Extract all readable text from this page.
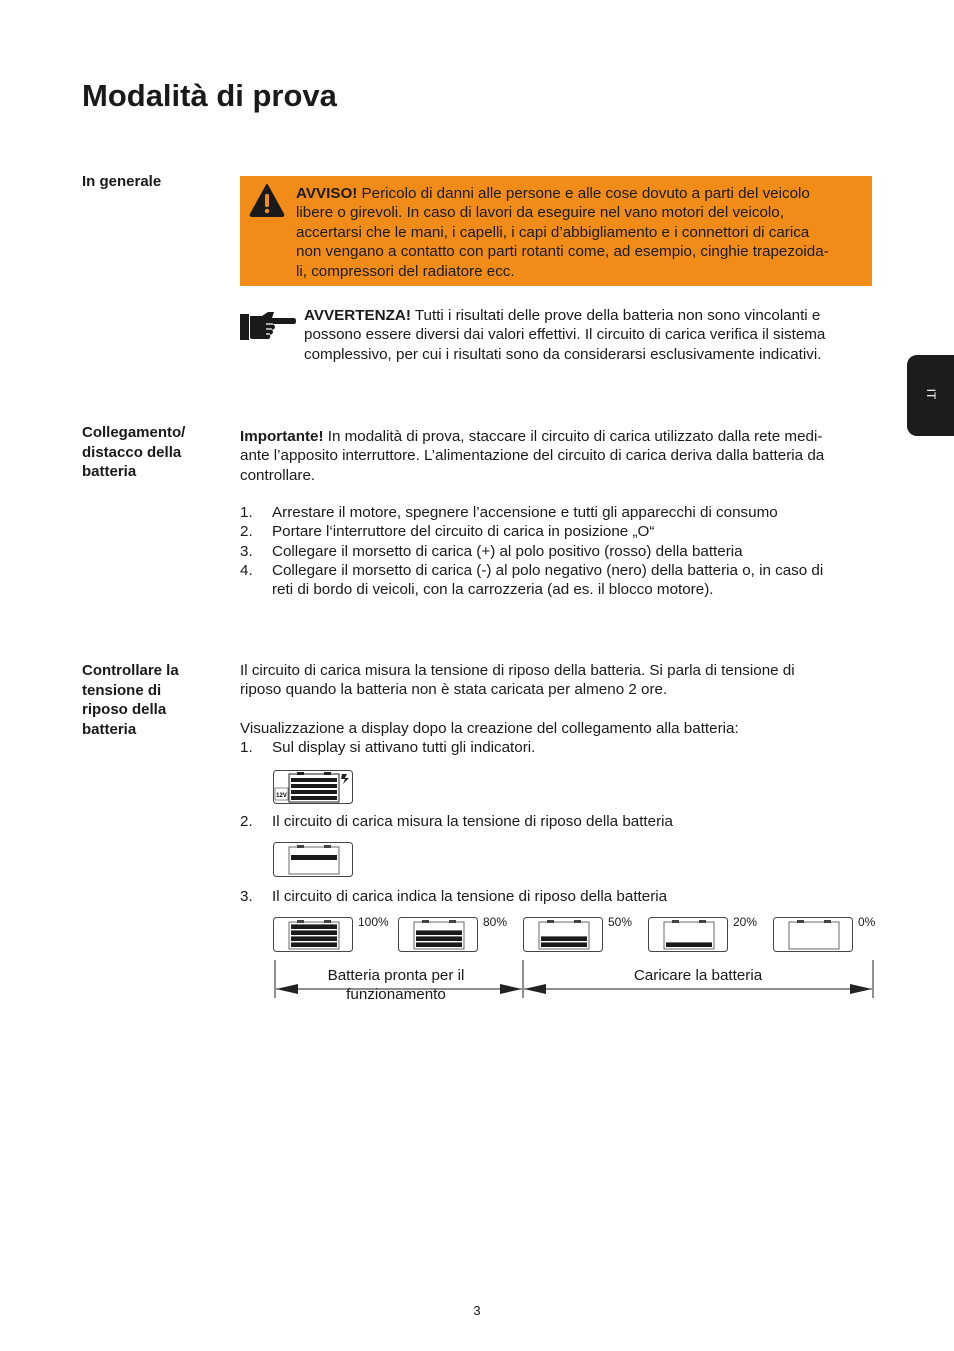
Modalità di prova
IT
In generale
AVVISO! Pericolo di danni alle persone e alle cose dovuto a parti del veicolo
libere o girevoli. In caso di lavori da eseguire nel vano motori del veicolo,
accertarsi che le mani, i capelli, i capi d’abbigliamento e i connettori di carica
non vengano a contatto con parti rotanti come, ad esempio, cinghie trapezoida-
li, compressori del radiatore ecc.
AVVERTENZA! Tutti i risultati delle prove della batteria non sono vincolanti e
possono essere diversi dai valori effettivi. Il circuito di carica verifica il sistema
complessivo, per cui i risultati sono da considerarsi esclusivamente indicativi.
Collegamento/
distacco della
batteria
Importante! In modalità di prova, staccare il circuito di carica utilizzato dalla rete medi-
ante l’apposito interruttore. L’alimentazione del circuito di carica deriva dalla batteria da
controllare.
1.	Arrestare il motore, spegnere l’accensione e tutti gli apparecchi di consumo
2.	Portare l‘interruttore del circuito di carica in posizione „O“
3.	Collegare il morsetto di carica (+) al polo positivo (rosso) della batteria
4.	Collegare il morsetto di carica (-) al polo negativo (nero) della batteria o, in caso di
reti di bordo di veicoli, con la carrozzeria (ad es. il blocco motore).
Controllare la
tensione di
riposo della
batteria
Il circuito di carica misura la tensione di riposo della batteria. Si parla di tensione di
riposo quando la batteria non è stata caricata per almeno 2 ore.
Visualizzazione a display dopo la creazione del collegamento alla batteria:
1.	Sul display si attivano tutti gli indicatori.
12V
2.	Il circuito di carica misura la tensione di riposo della batteria
3.	Il circuito di carica indica la tensione di riposo della batteria
100%	80%	50%	20%	0%
Batteria pronta per il
funzionamento
Caricare la batteria
3
